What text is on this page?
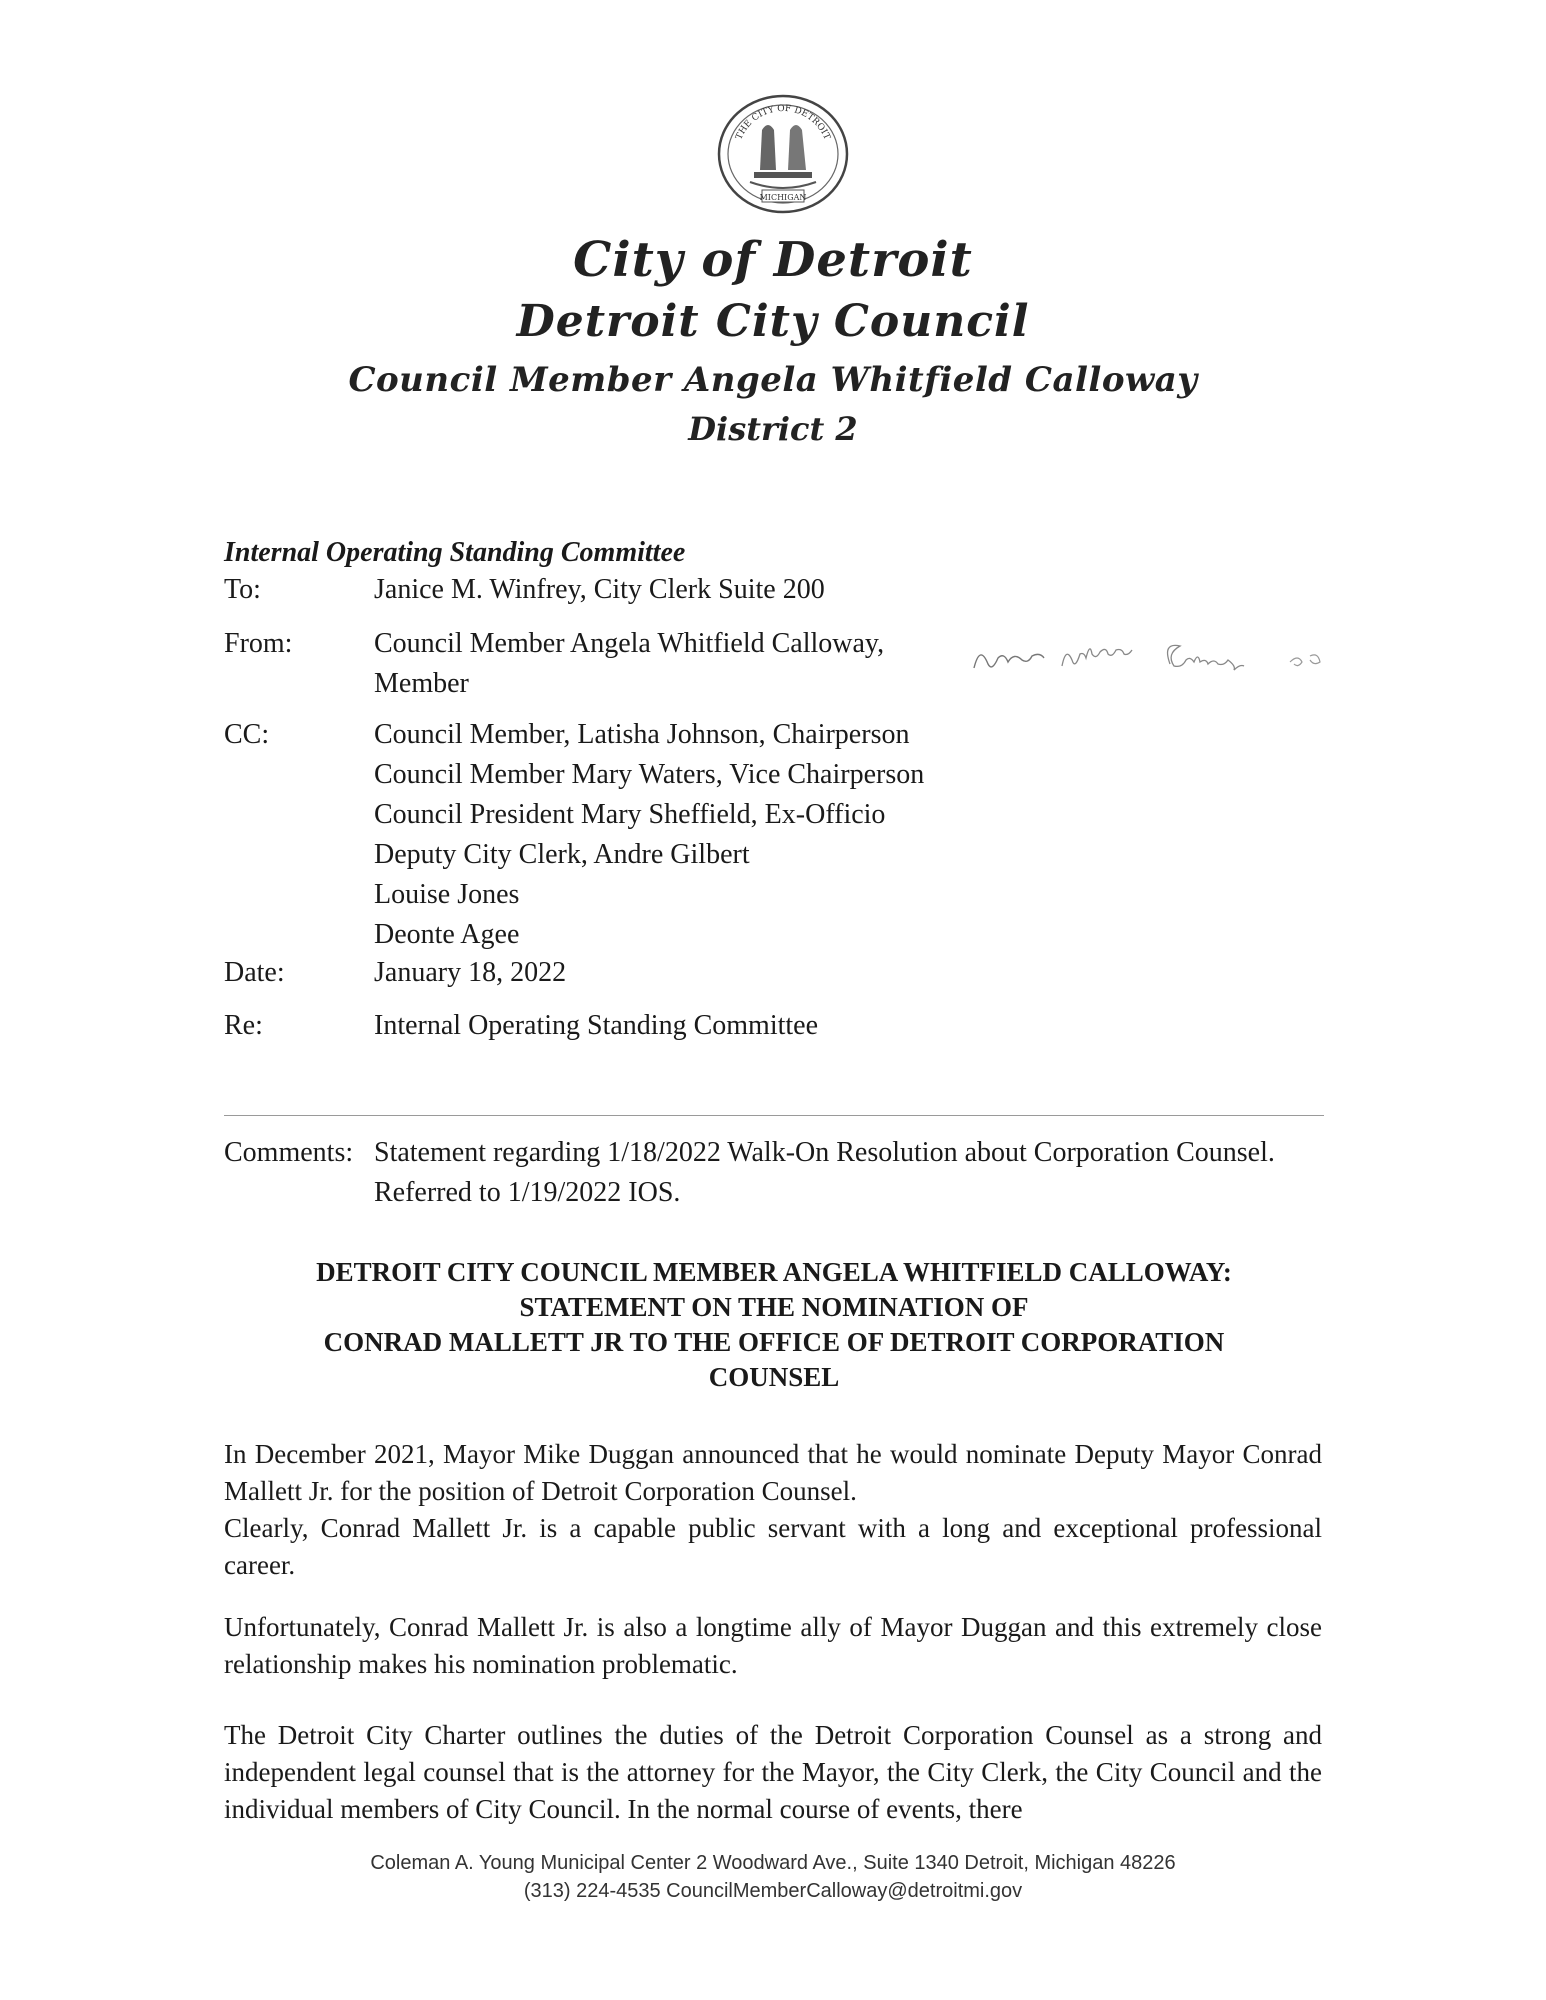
THE CITY OF DETROIT
MICHIGAN
City of Detroit
Detroit City Council
Council Member Angela Whitfield Calloway
District 2
Internal Operating Standing Committee
To:	Janice M. Winfrey, City Clerk Suite 200
From:	Council Member Angela Whitfield Calloway,
Member
CC:	Council Member, Latisha Johnson, Chairperson
Council Member Mary Waters, Vice Chairperson
Council President Mary Sheffield, Ex-Officio
Deputy City Clerk, Andre Gilbert
Louise Jones
Deonte Agee
Date:	January 18, 2022
Re:	Internal Operating Standing Committee
Comments: Statement regarding 1/18/2022 Walk-On Resolution about Corporation Counsel. Referred to 1/19/2022 IOS.
DETROIT CITY COUNCIL MEMBER ANGELA WHITFIELD CALLOWAY:
STATEMENT ON THE NOMINATION OF
CONRAD MALLETT JR TO THE OFFICE OF DETROIT CORPORATION
COUNSEL
In December 2021, Mayor Mike Duggan announced that he would nominate Deputy Mayor Conrad Mallett Jr. for the position of Detroit Corporation Counsel.
Clearly, Conrad Mallett Jr. is a capable public servant with a long and exceptional professional career.
Unfortunately, Conrad Mallett Jr. is also a longtime ally of Mayor Duggan and this extremely close relationship makes his nomination problematic.
The Detroit City Charter outlines the duties of the Detroit Corporation Counsel as a strong and independent legal counsel that is the attorney for the Mayor, the City Clerk, the City Council and the individual members of City Council. In the normal course of events, there
Coleman A. Young Municipal Center 2 Woodward Ave., Suite 1340 Detroit, Michigan 48226
(313) 224-4535 CouncilMemberCalloway@detroitmi.gov
